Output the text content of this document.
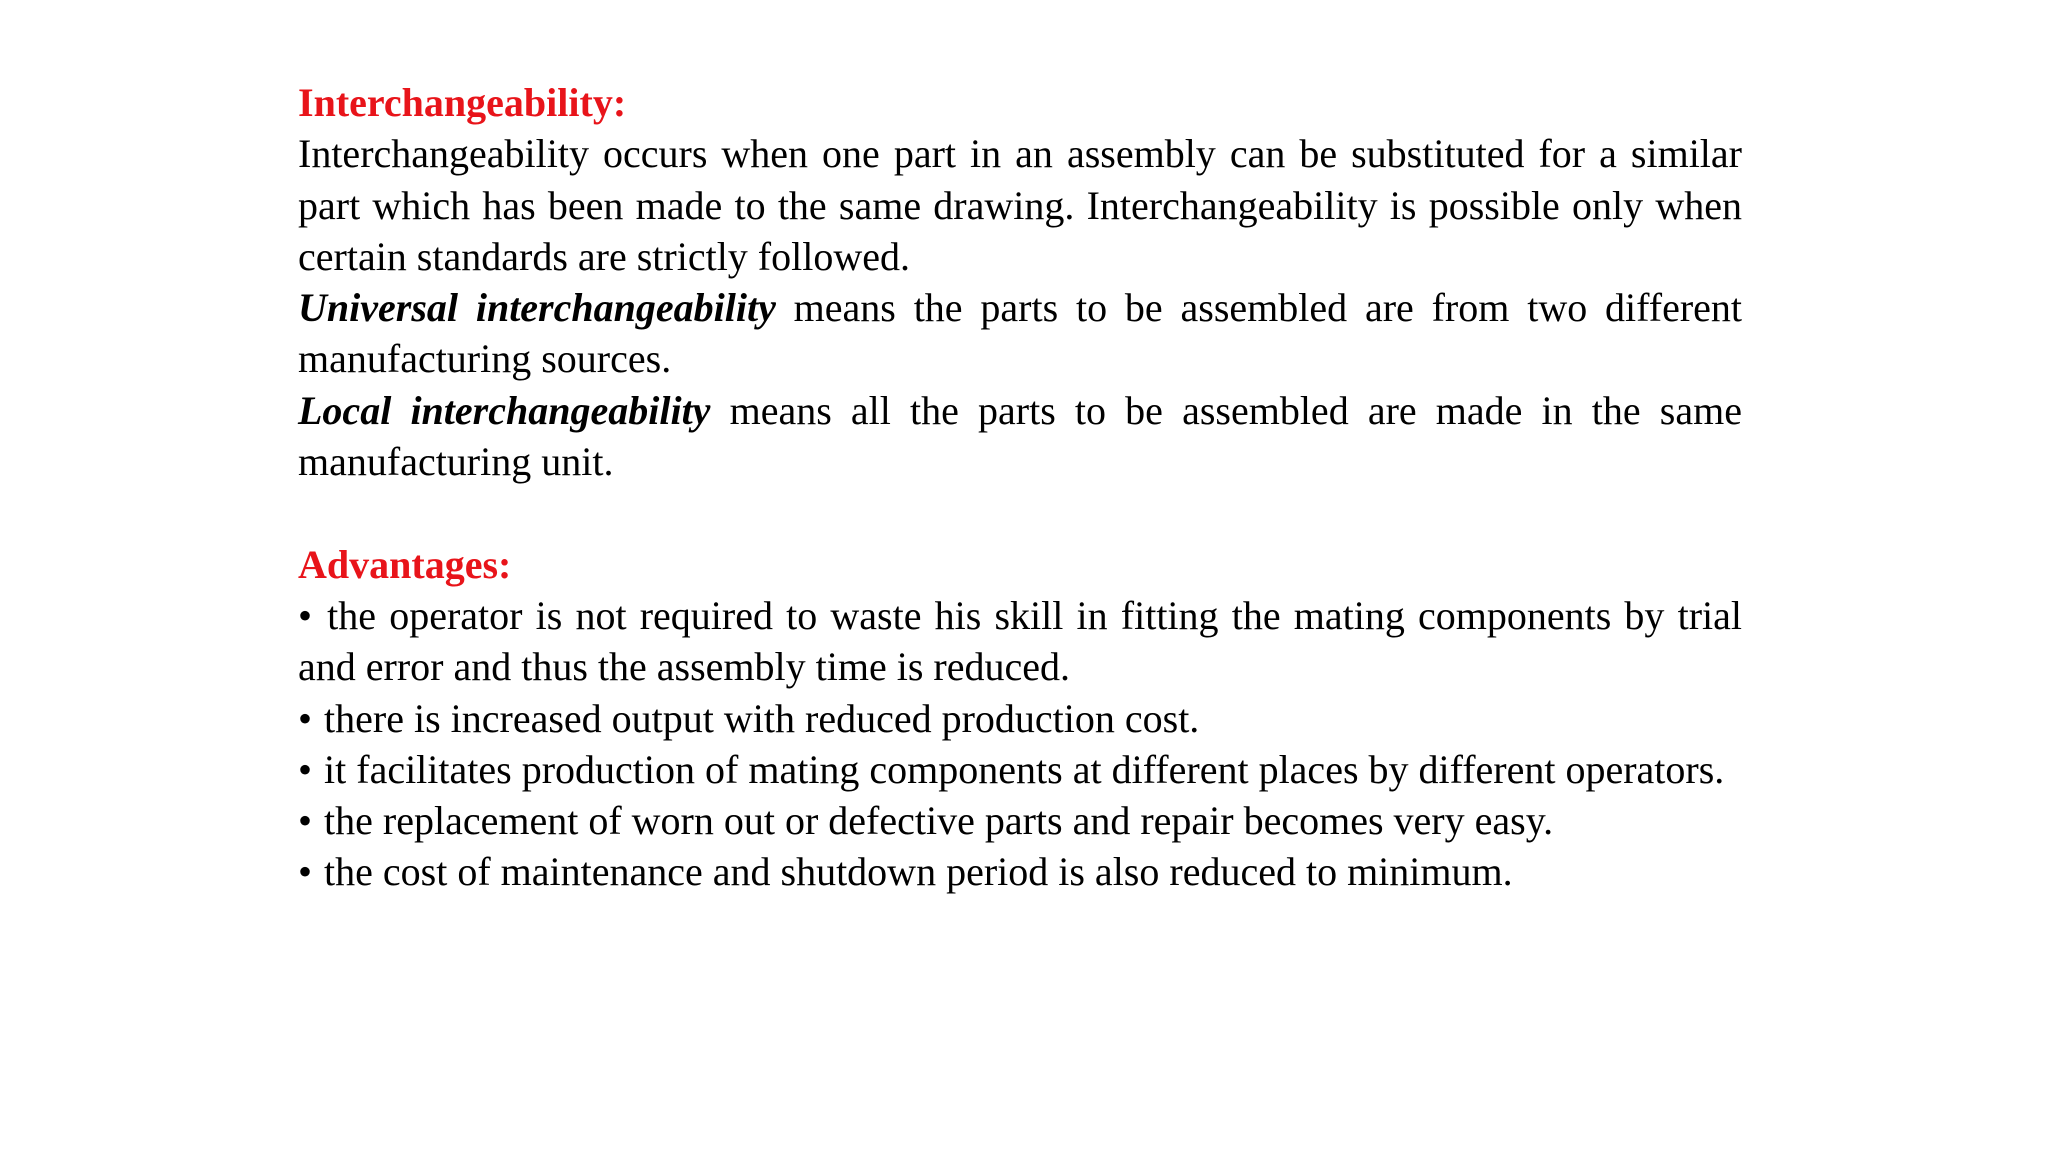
Interchangeability:

Interchangeability occurs when one part in an assembly can be substituted for a similar part which has been made to the same drawing. Interchangeability is possible only when certain standards are strictly followed.

Universal interchangeability means the parts to be assembled are from two different manufacturing sources.

Local interchangeability means all the parts to be assembled are made in the same manufacturing unit.

Advantages:

• the operator is not required to waste his skill in fitting the mating components by trial and error and thus the assembly time is reduced.
• there is increased output with reduced production cost.
• it facilitates production of mating components at different places by different operators.
• the replacement of worn out or defective parts and repair becomes very easy.
• the cost of maintenance and shutdown period is also reduced to minimum.
